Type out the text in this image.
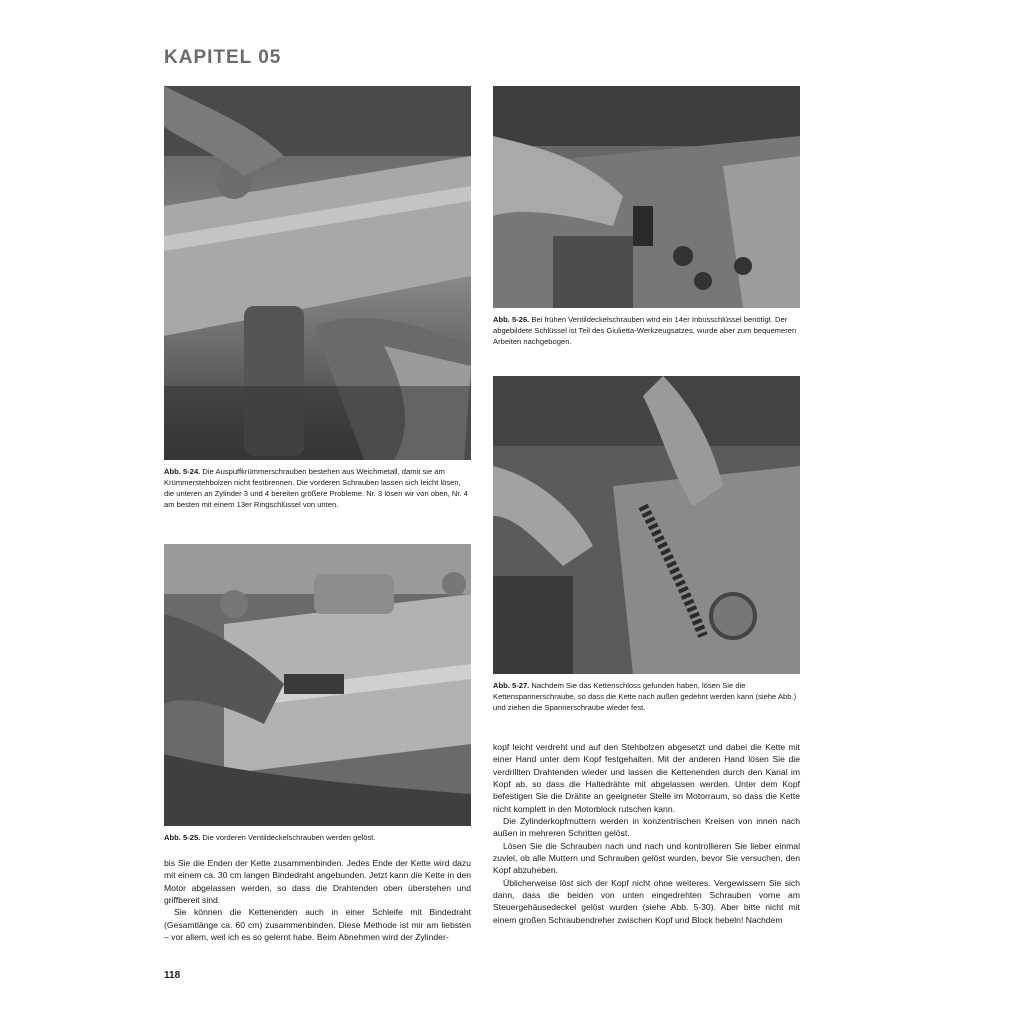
KAPITEL 05

Abb. 5-24. Die Auspuffkrümmerschrauben bestehen aus Weichmetall, damit sie am Krümmerstehbolzen nicht festbrennen. Die vorderen Schrauben lassen sich leicht lösen, die unteren an Zylinder 3 und 4 bereiten größere Probleme. Nr. 3 lösen wir von oben, Nr. 4 am besten mit einem 13er Ringschlüssel von unten.

Abb. 5-26. Bei frühen Ventildeckelschrauben wird ein 14er Inbusschlüssel benötigt. Der abgebildete Schlüssel ist Teil des Giulietta-Werkzeugsatzes, wurde aber zum bequemeren Arbeiten nachgebogen.

Abb. 5-27. Nachdem Sie das Kettenschloss gefunden haben, lösen Sie die Kettenspannerschraube, so dass die Kette nach außen gedehnt werden kann (siehe Abb.) und ziehen die Spannerschraube wieder fest.

Abb. 5-25. Die vorderen Ventildeckelschrauben werden gelöst.

bis Sie die Enden der Kette zusammenbinden. Jedes Ende der Kette wird dazu mit einem ca. 30 cm langen Bindedraht angebunden. Jetzt kann die Kette in den Motor abgelassen werden, so dass die Drahtenden oben überstehen und griffbereit sind.

Sie können die Kettenenden auch in einer Schleife mit Bindedraht (Gesamtlänge ca. 60 cm) zusammenbinden. Diese Methode ist mir am liebsten – vor allem, weil ich es so gelernt habe. Beim Abnehmen wird der Zylinder-

kopf leicht verdreht und auf den Stehbolzen abgesetzt und dabei die Kette mit einer Hand unter dem Kopf festgehalten. Mit der anderen Hand lösen Sie die verdrillten Drahtenden wieder und lassen die Kettenenden durch den Kanal im Kopf ab, so dass die Haltedrähte mit abgelassen werden. Unter dem Kopf befestigen Sie die Drähte an geeigneter Stelle im Motorraum, so dass die Kette nicht komplett in den Motorblock rutschen kann.

Die Zylinderkopfmuttern werden in konzentrischen Kreisen von innen nach außen in mehreren Schritten gelöst.

Lösen Sie die Schrauben nach und nach und kontrollieren Sie lieber einmal zuviel, ob alle Muttern und Schrauben gelöst wurden, bevor Sie versuchen, den Kopf abzuheben.

Üblicherweise löst sich der Kopf nicht ohne weiteres. Vergewissern Sie sich dann, dass die beiden von unten eingedrehten Schrauben vorne am Steuergehäusedeckel gelöst wurden (siehe Abb. 5-30). Aber bitte nicht mit einem großen Schraubendreher zwischen Kopf und Block hebeln! Nachdem

118
